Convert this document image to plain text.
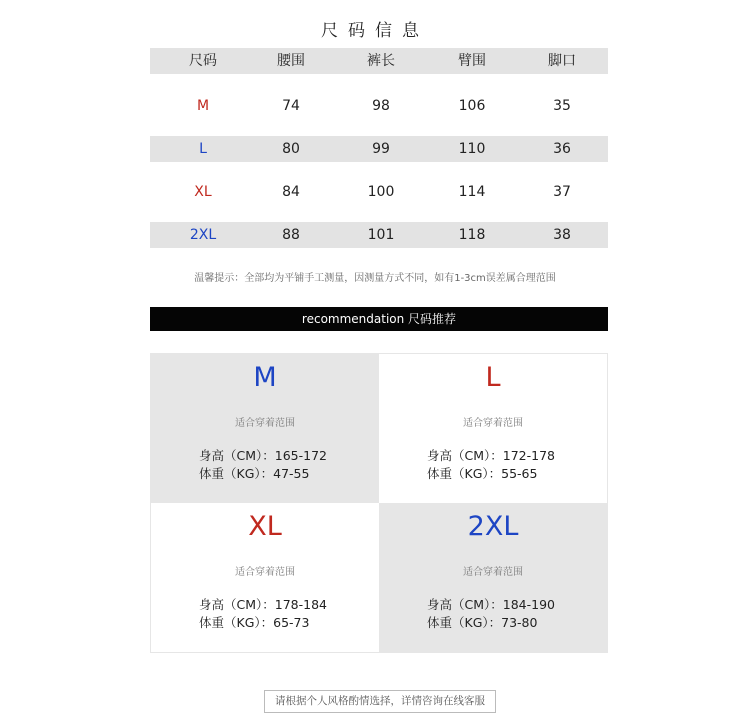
尺码信息
尺码	腰围	裤长	臂围	脚口
M	74	98	106	35
L	80	99	110	36
XL	84	100	114	37
2XL	88	101	118	38
温馨提示：全部均为平铺手工测量，因测量方式不同，如有1-3cm误差属合理范围
recommendation 尺码推荐
M
适合穿着范围
身高（CM）：165-172
体重（KG）：47-55
L
适合穿着范围
身高（CM）：172-178
体重（KG）：55-65
XL
适合穿着范围
身高（CM）：178-184
体重（KG）：65-73
2XL
适合穿着范围
身高（CM）：184-190
体重（KG）：73-80
请根据个人风格酌情选择，详情咨询在线客服
